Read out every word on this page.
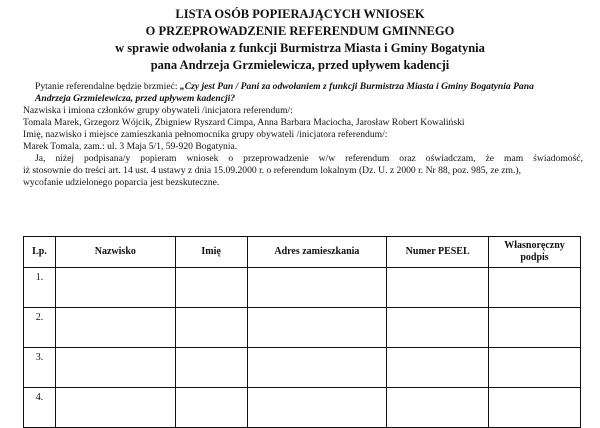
LISTA OSÓB POPIERAJĄCYCH WNIOSEK
O PRZEPROWADZENIE REFERENDUM GMINNEGO
w sprawie odwołania z funkcji Burmistrza Miasta i Gminy Bogatynia
pana Andrzeja Grzmielewicza, przed upływem kadencji
Pytanie referendalne będzie brzmieć: „Czy jest Pan / Pani za odwołaniem z funkcji Burmistrza Miasta i Gminy Bogatynia Pana
Andrzeja Grzmielewicza, przed upływem kadencji?
Nazwiska i imiona członków grupy obywateli /inicjatora referendum/:
Tomala Marek, Grzegorz Wójcik, Zbigniew Ryszard Cimpa, Anna Barbara Maciocha, Jarosław Robert Kowaliński
Imię, nazwisko i miejsce zamieszkania pełnomocnika grupy obywateli /inicjatora referendum/:
Marek Tomala, zam.: ul. 3 Maja 5/1, 59-920 Bogatynia.
Ja, niżej podpisana/y popieram wniosek o przeprowadzenie w/w referendum oraz oświadczam, że mam świadomość,
iż stosownie do treści art. 14 ust. 4 ustawy z dnia 15.09.2000 r. o referendum lokalnym (Dz. U. z 2000 r. Nr 88, poz. 985, ze zm.),
wycofanie udzielonego poparcia jest bezskuteczne.
Lp.	Nazwisko	Imię	Adres zamieszkania	Numer PESEL	Własnoręczny
podpis

1.					
2.					
3.					
4.					
